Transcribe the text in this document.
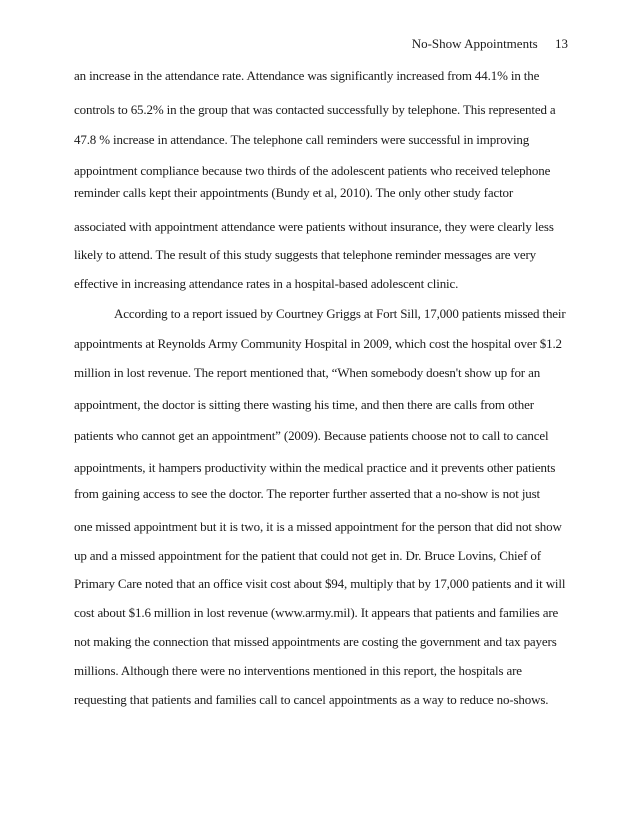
No-Show Appointments 13
an increase in the attendance rate. Attendance was significantly increased from 44.1% in the
controls to 65.2% in the group that was contacted successfully by telephone. This represented a
47.8 % increase in attendance. The telephone call reminders were successful in improving
appointment compliance because two thirds of the adolescent patients who received telephone
reminder calls kept their appointments (Bundy et al, 2010). The only other study factor
associated with appointment attendance were patients without insurance, they were clearly less
likely to attend. The result of this study suggests that telephone reminder messages are very
effective in increasing attendance rates in a hospital-based adolescent clinic.
According to a report issued by Courtney Griggs at Fort Sill, 17,000 patients missed their
appointments at Reynolds Army Community Hospital in 2009, which cost the hospital over $1.2
million in lost revenue. The report mentioned that, “When somebody doesn't show up for an
appointment, the doctor is sitting there wasting his time, and then there are calls from other
patients who cannot get an appointment” (2009). Because patients choose not to call to cancel
appointments, it hampers productivity within the medical practice and it prevents other patients
from gaining access to see the doctor. The reporter further asserted that a no-show is not just
one missed appointment but it is two, it is a missed appointment for the person that did not show
up and a missed appointment for the patient that could not get in. Dr. Bruce Lovins, Chief of
Primary Care noted that an office visit cost about $94, multiply that by 17,000 patients and it will
cost about $1.6 million in lost revenue (www.army.mil). It appears that patients and families are
not making the connection that missed appointments are costing the government and tax payers
millions. Although there were no interventions mentioned in this report, the hospitals are
requesting that patients and families call to cancel appointments as a way to reduce no-shows.
